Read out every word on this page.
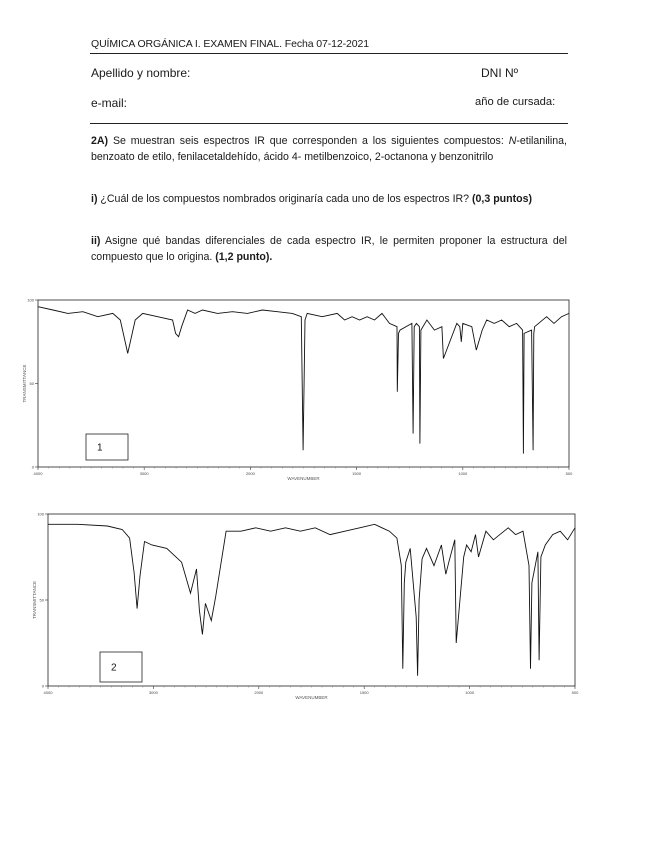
QUÍMICA ORGÁNICA I. EXAMEN FINAL. Fecha 07-12-2021
Apellido y nombre:	DNI Nº
e-mail:	año de cursada:
2A) Se muestran seis espectros IR que corresponden a los siguientes compuestos: N-etilanilina, benzoato de etilo, fenilacetaldehído, ácido 4- metilbenzoico, 2-octanona y benzonitrilo
i) ¿Cuál de los compuestos nombrados originaría cada uno de los espectros IR? (0,3 puntos)
ii) Asigne qué bandas diferenciales de cada espectro IR, le permiten proponer la estructura del compuesto que lo origina. (1,2 punto).
4000	3000	2000	1500	1000	500
100
50
0
WAVENUMBER
TRANSMITTANCE
1
4000	3000	2000	1500	1000	500
100
50
0
WAVENUMBER
TRANSMITTANCE
2
